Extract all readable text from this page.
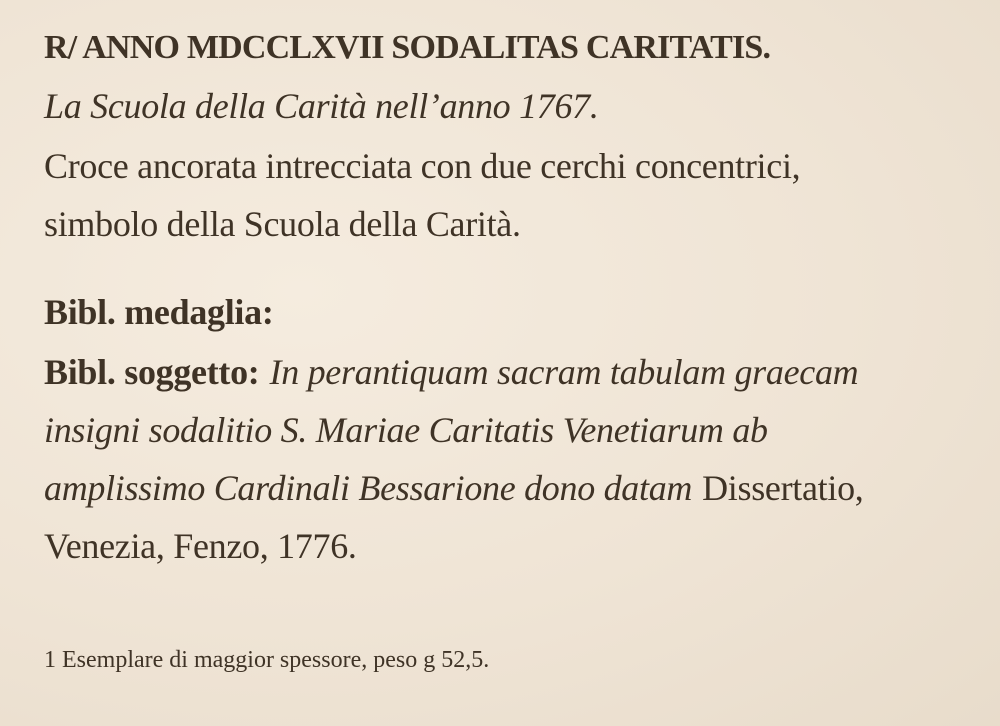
R/ ANNO MDCCLXVII SODALITAS CARITATIS.
La Scuola della Carità nell’anno 1767.
Croce ancorata intrecciata con due cerchi concentrici,
simbolo della Scuola della Carità.
Bibl. medaglia:
Bibl. soggetto: In perantiquam sacram tabulam graecam
insigni sodalitio S. Mariae Caritatis Venetiarum ab
amplissimo Cardinali Bessarione dono datam Dissertatio,
Venezia, Fenzo, 1776.
1 Esemplare di maggior spessore, peso g 52,5.
